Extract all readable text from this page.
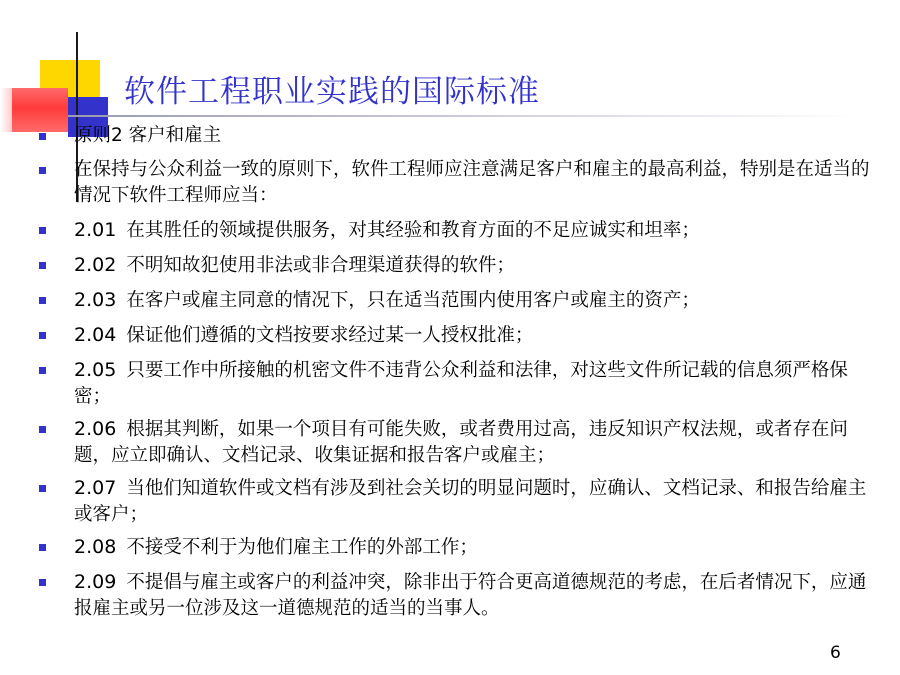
软件工程职业实践的国际标准
原则2 客户和雇主
在保持与公众利益一致的原则下，软件工程师应注意满足客户和雇主的最高利益，特别是在适当的情况下软件工程师应当：
2.01 在其胜任的领域提供服务，对其经验和教育方面的不足应诚实和坦率；
2.02 不明知故犯使用非法或非合理渠道获得的软件；
2.03 在客户或雇主同意的情况下，只在适当范围内使用客户或雇主的资产；
2.04 保证他们遵循的文档按要求经过某一人授权批准；
2.05 只要工作中所接触的机密文件不违背公众利益和法律，对这些文件所记载的信息须严格保密；
2.06 根据其判断，如果一个项目有可能失败，或者费用过高，违反知识产权法规，或者存在问题，应立即确认、文档记录、收集证据和报告客户或雇主；
2.07 当他们知道软件或文档有涉及到社会关切的明显问题时，应确认、文档记录、和报告给雇主或客户；
2.08 不接受不利于为他们雇主工作的外部工作；
2.09 不提倡与雇主或客户的利益冲突，除非出于符合更高道德规范的考虑，在后者情况下，应通报雇主或另一位涉及这一道德规范的适当的当事人。
6
